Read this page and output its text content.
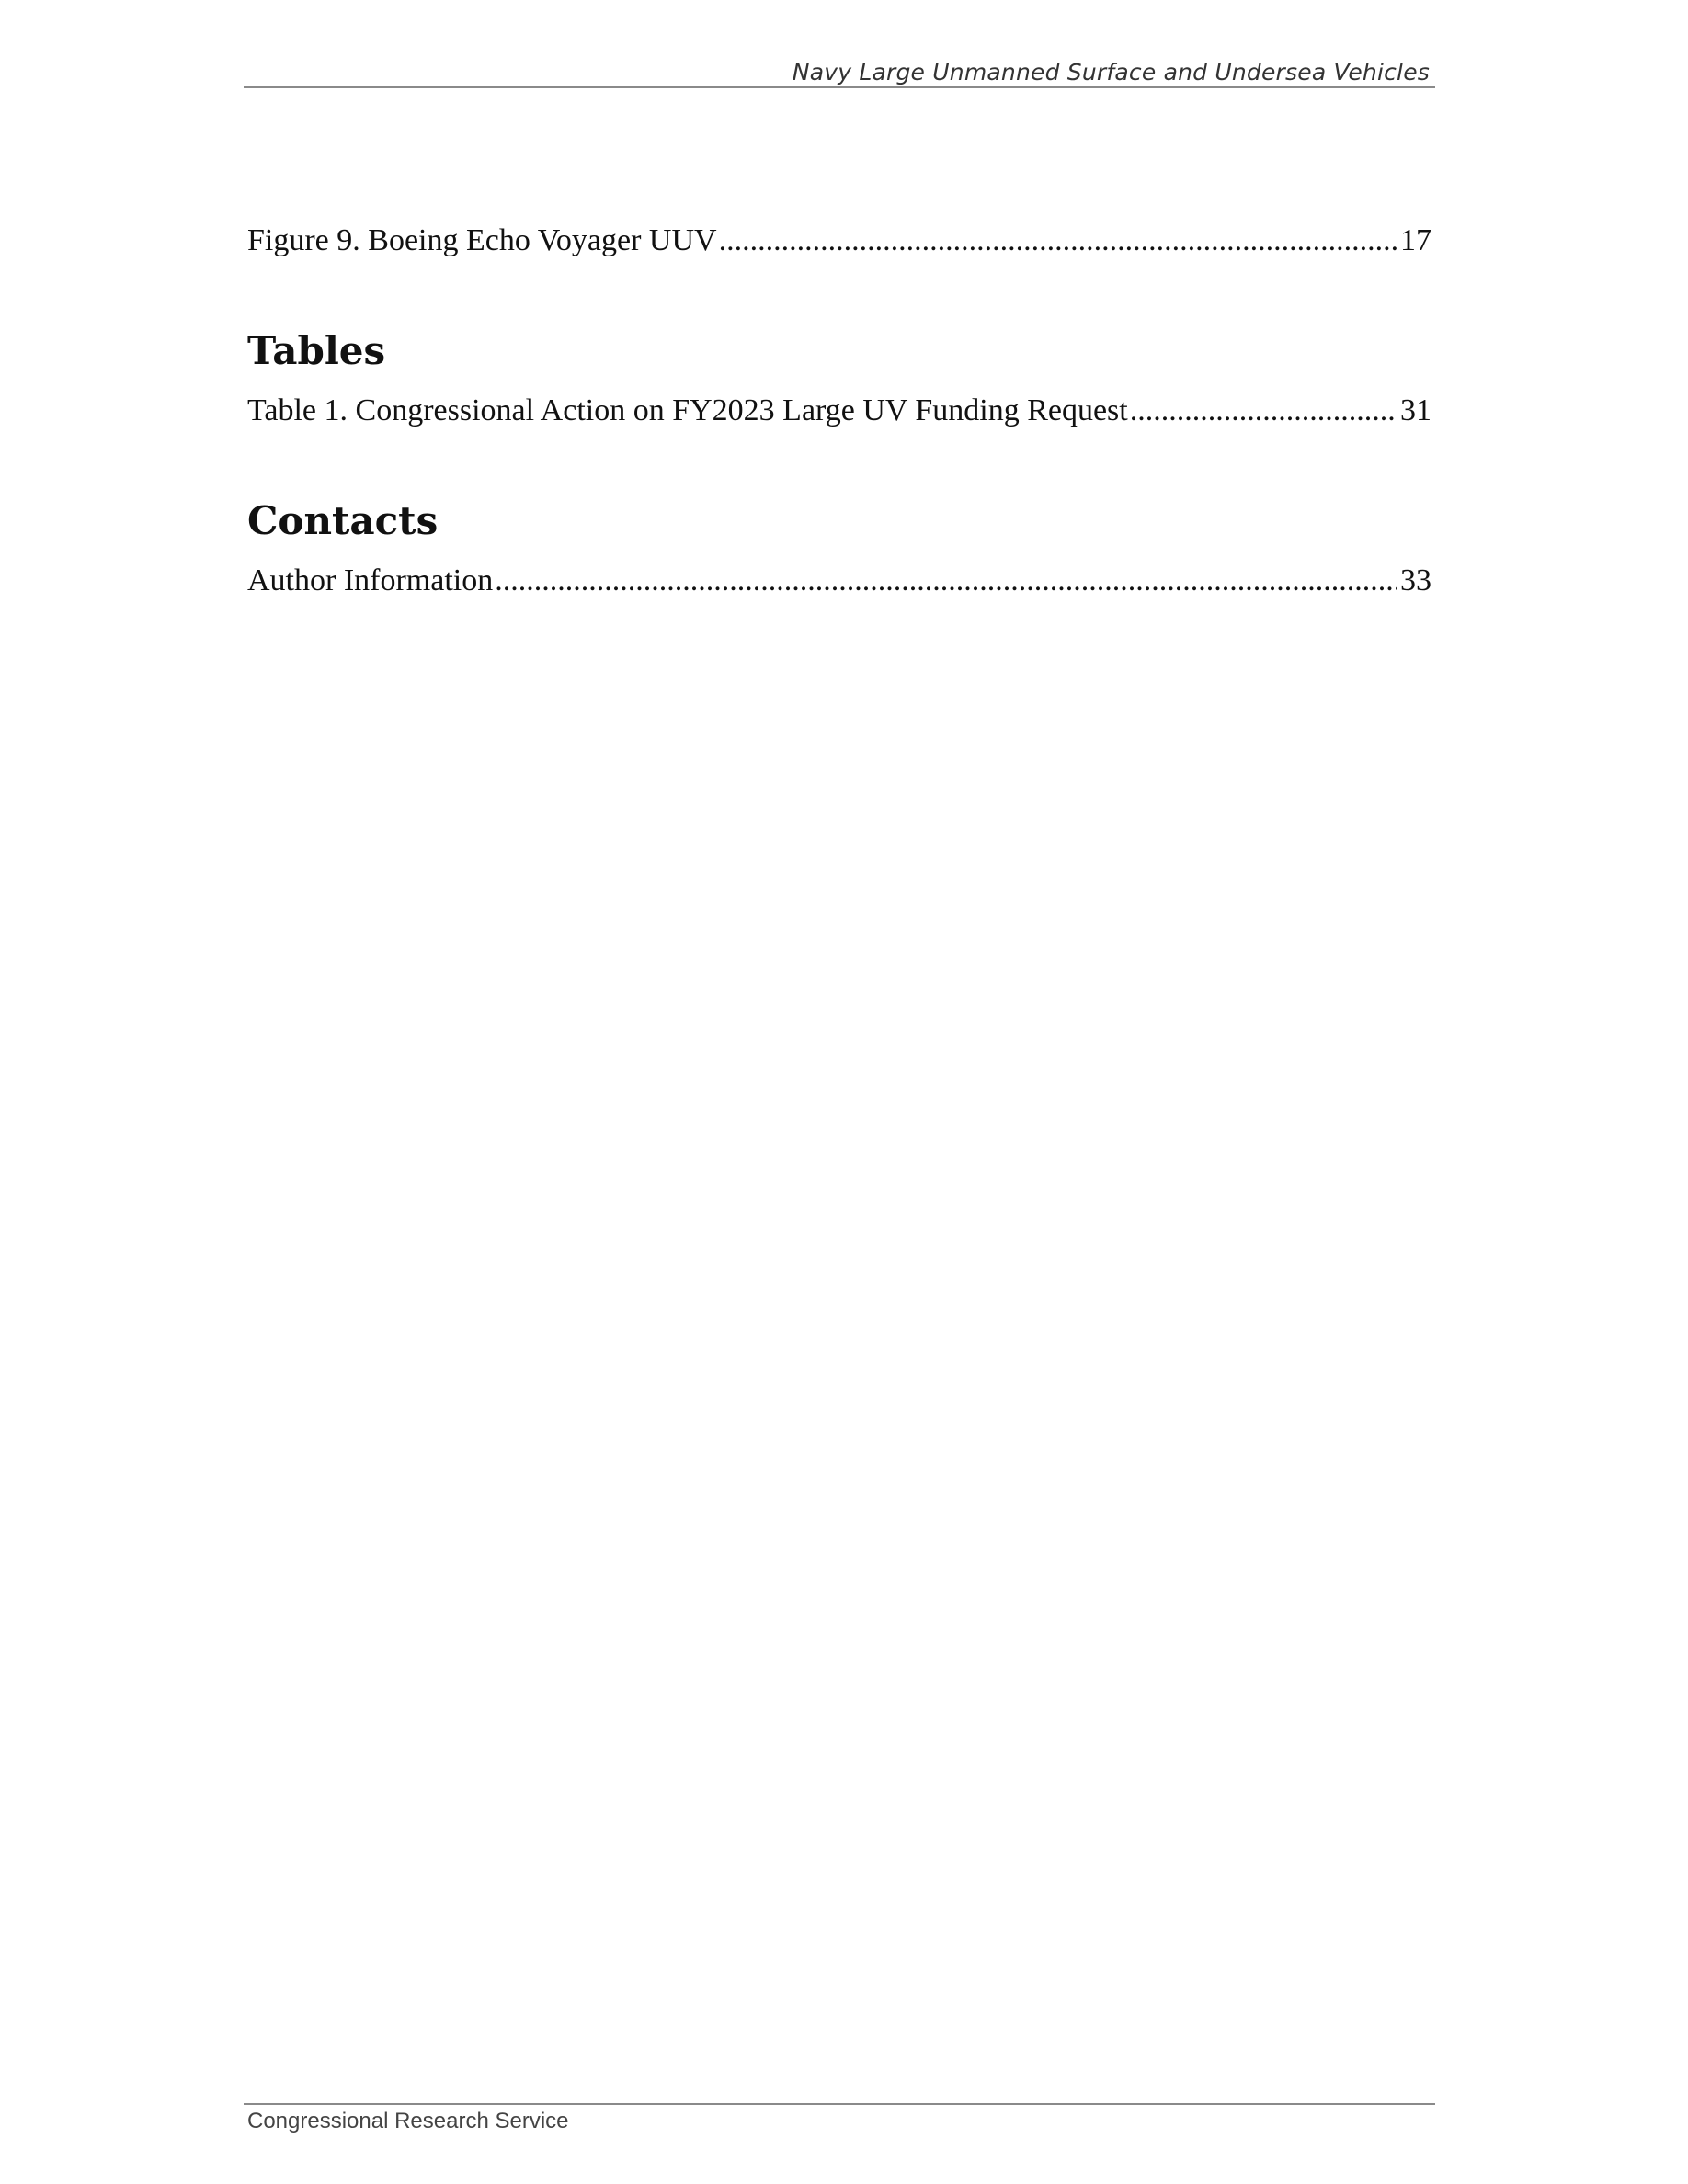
Navy Large Unmanned Surface and Undersea Vehicles
Figure 9. Boeing Echo Voyager UUV .....	17
Tables
Table 1. Congressional Action on FY2023 Large UV Funding Request .....	31
Contacts
Author Information .....	33
Congressional Research Service
